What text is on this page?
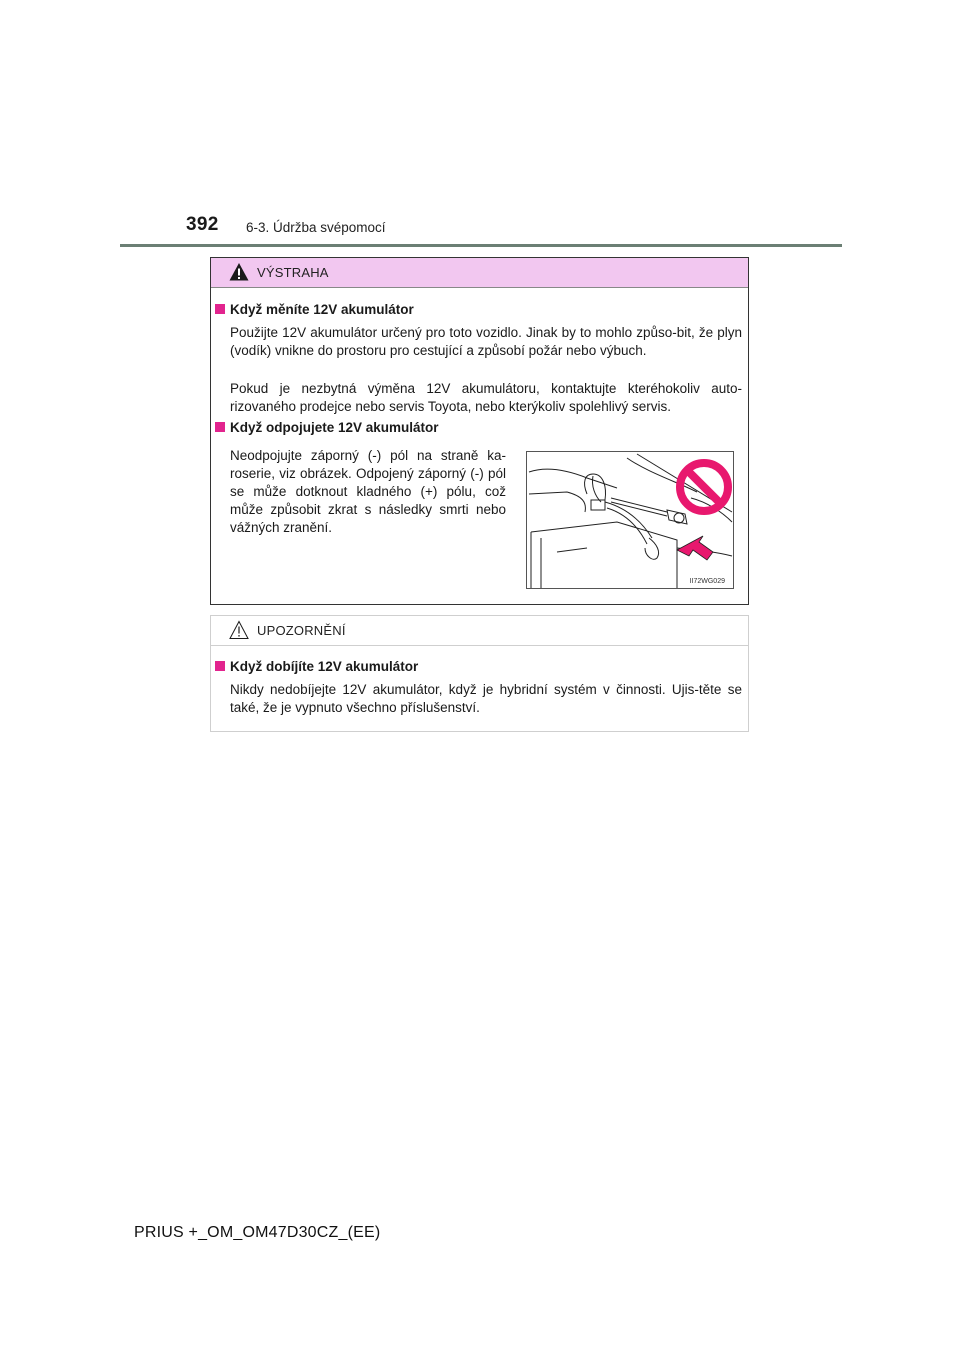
392 6-3. Údržba svépomocí
VÝSTRAHA
Když měníte 12V akumulátor
Použijte 12V akumulátor určený pro toto vozidlo. Jinak by to mohlo způso-bit, že plyn (vodík) vnikne do prostoru pro cestující a způsobí požár nebo výbuch.
Pokud je nezbytná výměna 12V akumulátoru, kontaktujte kteréhokoliv auto-rizovaného prodejce nebo servis Toyota, nebo kterýkoliv spolehlivý servis.
Když odpojujete 12V akumulátor
Neodpojujte záporný (-) pól na straně ka-roserie, viz obrázek. Odpojený záporný (-) pól se může dotknout kladného (+) pólu, což může způsobit zkrat s následky smrti nebo vážných zranění.
II72WG029
UPOZORNĚNÍ
Když dobíjíte 12V akumulátor
Nikdy nedobíjejte 12V akumulátor, když je hybridní systém v činnosti. Ujis-těte se také, že je vypnuto všechno příslušenství.
PRIUS +_OM_OM47D30CZ_(EE)
